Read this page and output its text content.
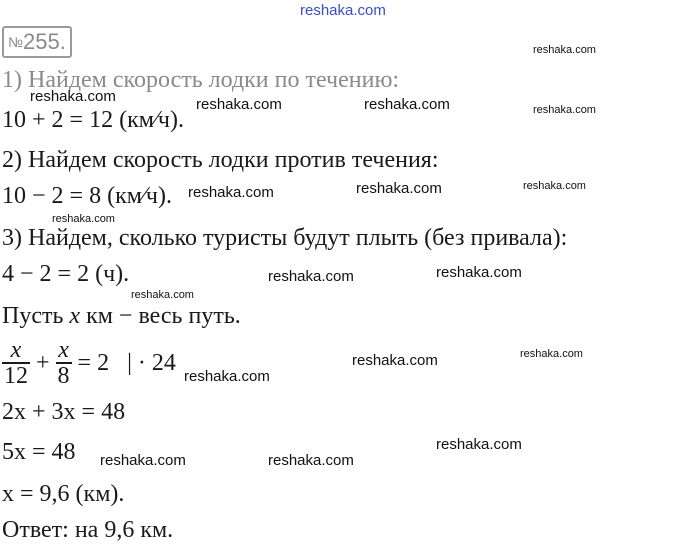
reshaka.com
№255.
1) Найдем скорость лодки по течению:
10 + 2 = 12 (км⁄ч).
2) Найдем скорость лодки против течения:
10 − 2 = 8 (км⁄ч).
3) Найдем, сколько туристы будут плыть (без привала):
4 − 2 = 2 (ч).
Пусть x км − весь путь.
$\frac{x}{12} + \frac{x}{8} = 2$   | · 24
2x + 3x = 48
5x = 48
x = 9,6 (км).
Ответ: на 9,6 км.
reshaka.com
reshaka.com	reshaka.com	reshaka.com	reshaka.com
reshaka.com	reshaka.com	reshaka.com
reshaka.com
reshaka.com	reshaka.com
reshaka.com
reshaka.com	reshaka.com
reshaka.com
reshaka.com
reshaka.com	reshaka.com
